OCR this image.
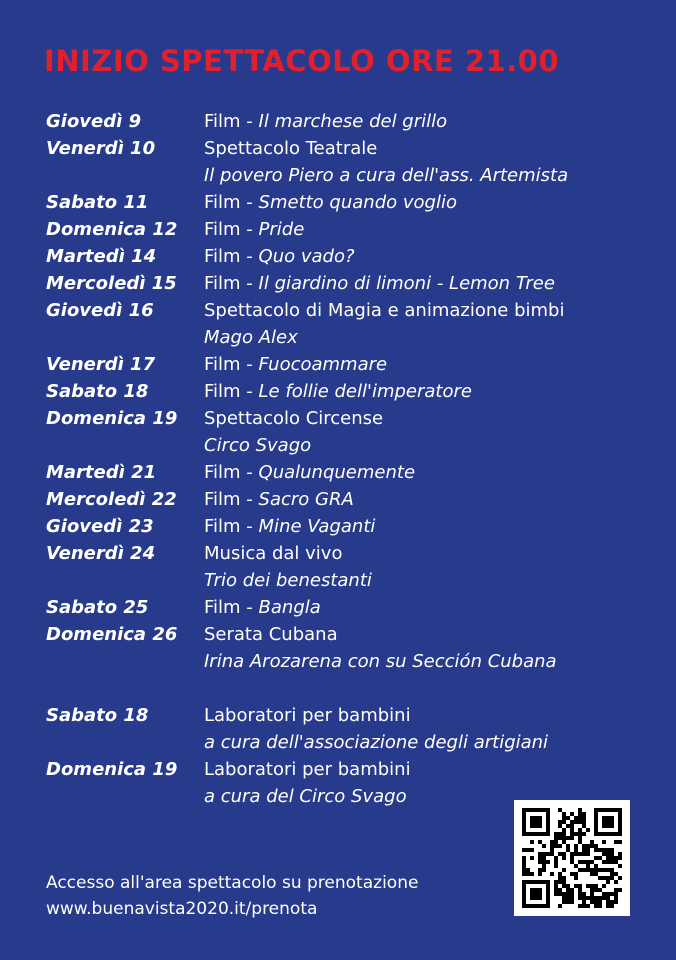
INIZIO SPETTACOLO ORE 21.00
Giovedì 9	Film - Il marchese del grillo
Venerdì 10	Spettacolo Teatrale
Il povero Piero a cura dell'ass. Artemista
Sabato 11	Film - Smetto quando voglio
Domenica 12 Film - Pride
Martedì 14	Film - Quo vado?
Mercoledì 15 Film - Il giardino di limoni - Lemon Tree
Giovedì 16	Spettacolo di Magia e animazione bimbi
Mago Alex
Venerdì 17	Film - Fuocoammare
Sabato 18	Film - Le follie dell'imperatore
Domenica 19 Spettacolo Circense
Circo Svago
Martedì 21	Film - Qualunquemente
Mercoledì 22 Film - Sacro GRA
Giovedì 23	Film - Mine Vaganti
Venerdì 24	Musica dal vivo
Trio dei benestanti
Sabato 25	Film - Bangla
Domenica 26 Serata Cubana
Irina Arozarena con su Sección Cubana
Sabato 18	Laboratori per bambini
a cura dell'associazione degli artigiani
Domenica 19 Laboratori per bambini
a cura del Circo Svago
Accesso all'area spettacolo su prenotazione
www.buenavista2020.it/prenota
